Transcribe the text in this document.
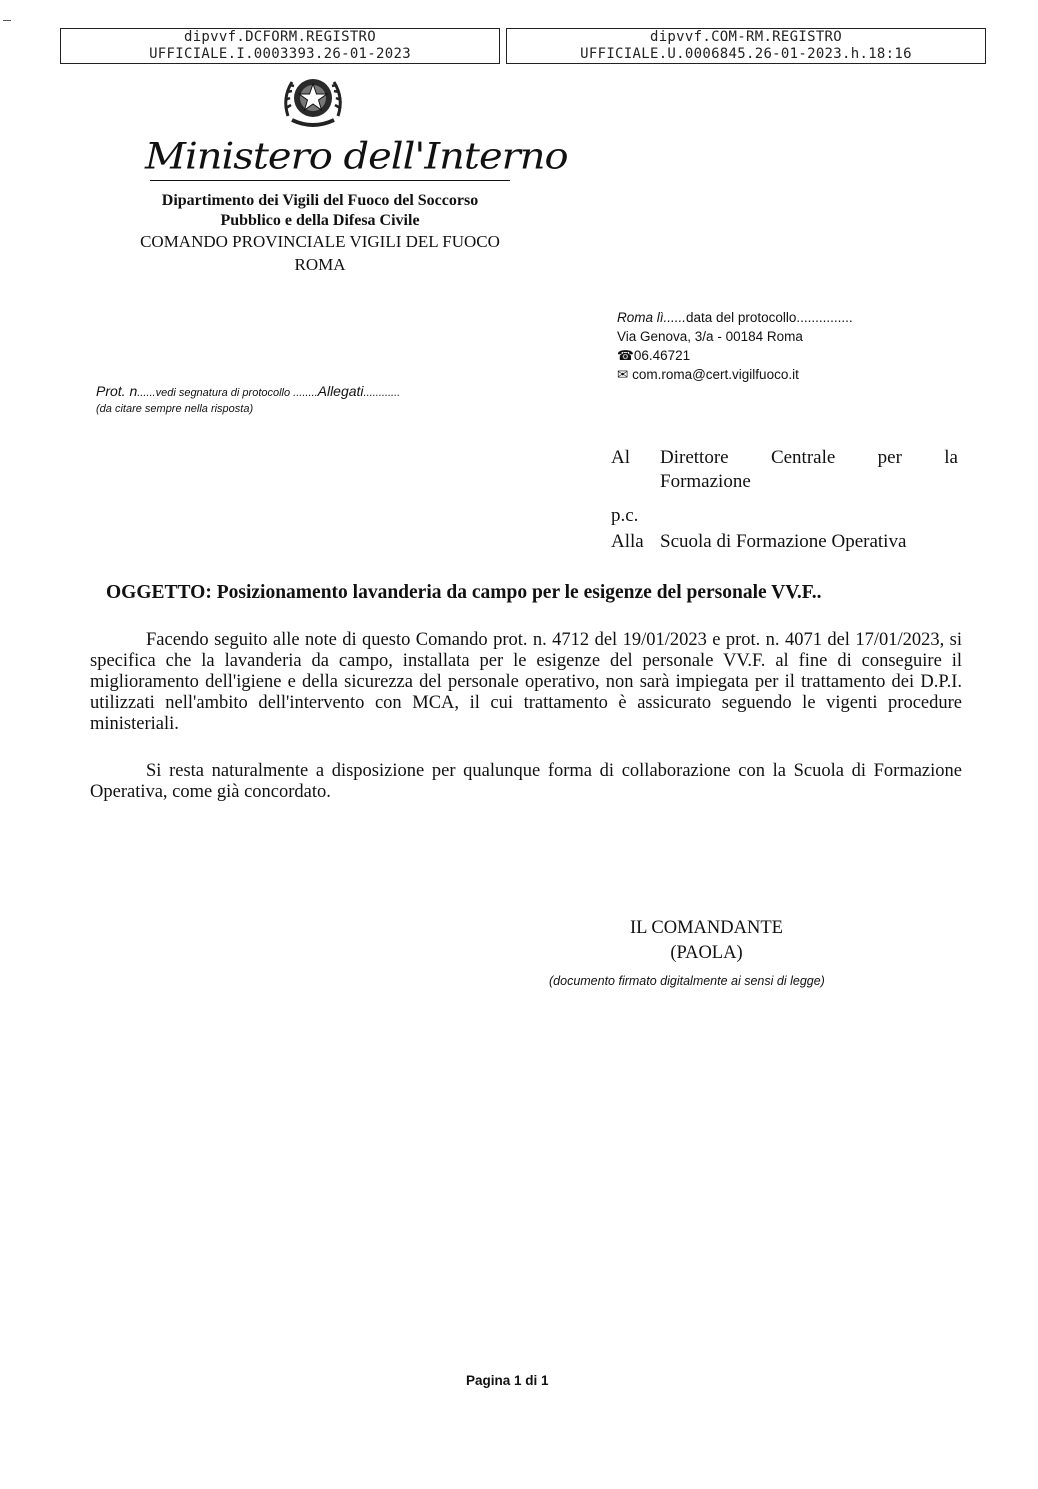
dipvvf.DCFORM.REGISTRO
UFFICIALE.I.0003393.26-01-2023
dipvvf.COM-RM.REGISTRO
UFFICIALE.U.0006845.26-01-2023.h.18:16
Ministero dell'Interno
Dipartimento dei Vigili del Fuoco del Soccorso
Pubblico e della Difesa Civile
COMANDO PROVINCIALE VIGILI DEL FUOCO
ROMA
Roma lì......data del protocollo...............
Via Genova, 3/a - 00184 Roma
☎06.46721
✉ com.roma@cert.vigilfuoco.it
Prot. n......vedi segnatura di protocollo ........Allegati............
(da citare sempre nella risposta)
Al Direttore Centrale per la
Formazione
p.c.
Alla Scuola di Formazione Operativa
OGGETTO: Posizionamento lavanderia da campo per le esigenze del personale VV.F..

Facendo seguito alle note di questo Comando prot. n. 4712 del 19/01/2023 e prot. n. 4071 del 17/01/2023, si specifica che la lavanderia da campo, installata per le esigenze del personale VV.F. al fine di conseguire il miglioramento dell'igiene e della sicurezza del personale operativo, non sarà impiegata per il trattamento dei D.P.I. utilizzati nell'ambito dell'intervento con MCA, il cui trattamento è assicurato seguendo le vigenti procedure ministeriali.

Si resta naturalmente a disposizione per qualunque forma di collaborazione con la Scuola di Formazione Operativa, come già concordato.

IL COMANDANTE
(PAOLA)
(documento firmato digitalmente ai sensi di legge)
Pagina 1 di 1
